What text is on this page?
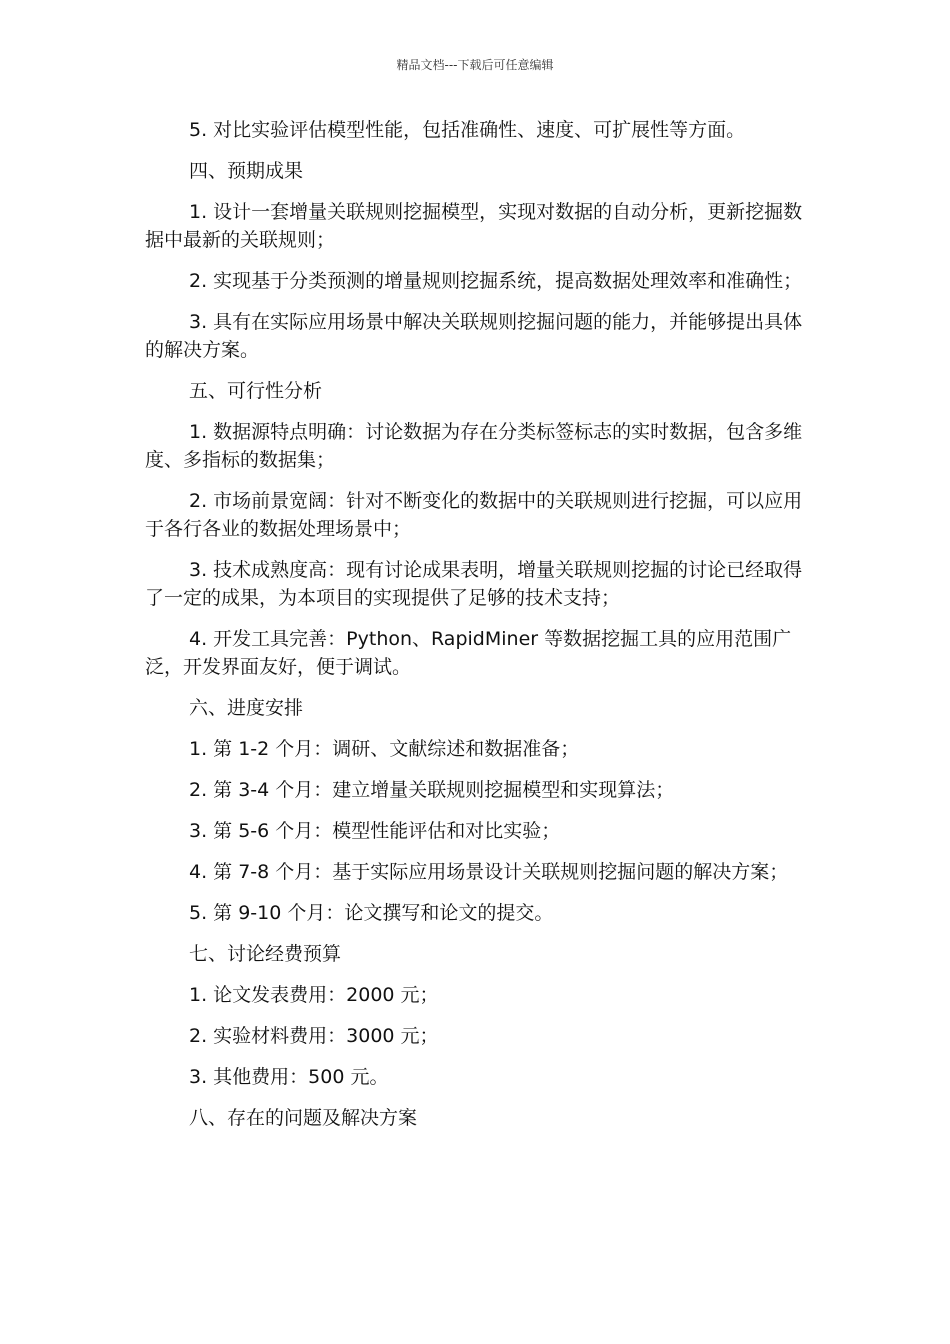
精品文档---下载后可任意编辑

5. 对比实验评估模型性能，包括准确性、速度、可扩展性等方面。

四、预期成果

1. 设计一套增量关联规则挖掘模型，实现对数据的自动分析，更新挖掘数据中最新的关联规则；

2. 实现基于分类预测的增量规则挖掘系统，提高数据处理效率和准确性；

3. 具有在实际应用场景中解决关联规则挖掘问题的能力，并能够提出具体的解决方案。

五、可行性分析

1. 数据源特点明确：讨论数据为存在分类标签标志的实时数据，包含多维度、多指标的数据集；

2. 市场前景宽阔：针对不断变化的数据中的关联规则进行挖掘，可以应用于各行各业的数据处理场景中；

3. 技术成熟度高：现有讨论成果表明，增量关联规则挖掘的讨论已经取得了一定的成果，为本项目的实现提供了足够的技术支持；

4. 开发工具完善：Python、RapidMiner 等数据挖掘工具的应用范围广泛，开发界面友好，便于调试。

六、进度安排

1. 第 1-2 个月：调研、文献综述和数据准备；

2. 第 3-4 个月：建立增量关联规则挖掘模型和实现算法；

3. 第 5-6 个月：模型性能评估和对比实验；

4. 第 7-8 个月：基于实际应用场景设计关联规则挖掘问题的解决方案；

5. 第 9-10 个月：论文撰写和论文的提交。

七、讨论经费预算

1. 论文发表费用：2000 元；

2. 实验材料费用：3000 元；

3. 其他费用：500 元。

八、存在的问题及解决方案
